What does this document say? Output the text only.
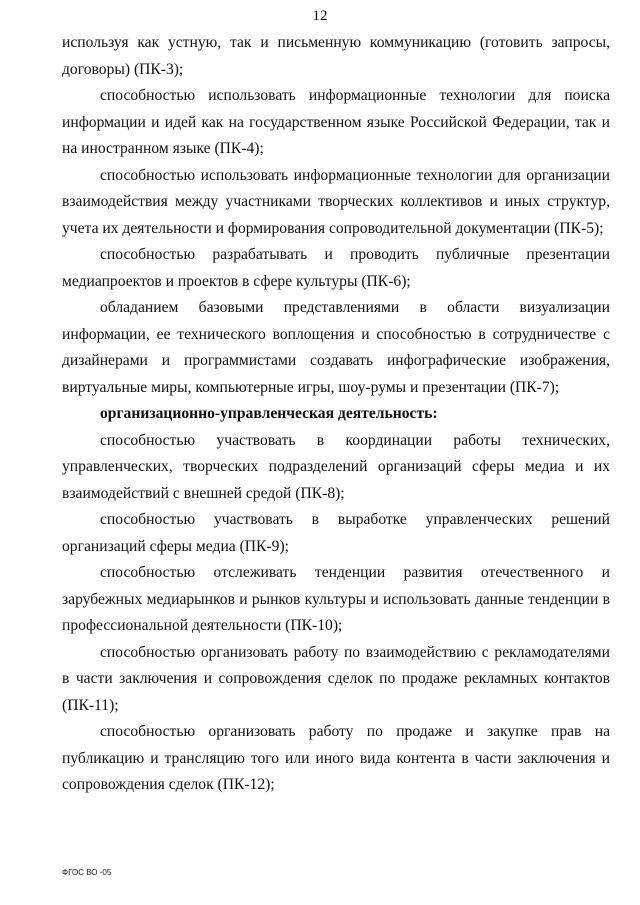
12

используя как устную, так и письменную коммуникацию (готовить запросы, договоры) (ПК-3);

способностью использовать информационные технологии для поиска информации и идей как на государственном языке Российской Федерации, так и на иностранном языке (ПК-4);

способностью использовать информационные технологии для организации взаимодействия между участниками творческих коллективов и иных структур, учета их деятельности и формирования сопроводительной документации (ПК-5);

способностью разрабатывать и проводить публичные презентации медиапроектов и проектов в сфере культуры (ПК-6);

обладанием базовыми представлениями в области визуализации информации, ее технического воплощения и способностью в сотрудничестве с дизайнерами и программистами создавать инфографические изображения, виртуальные миры, компьютерные игры, шоу-румы и презентации (ПК-7);

организационно-управленческая деятельность:

способностью участвовать в координации работы технических, управленческих, творческих подразделений организаций сферы медиа и их взаимодействий с внешней средой (ПК-8);

способностью участвовать в выработке управленческих решений организаций сферы медиа (ПК-9);

способностью отслеживать тенденции развития отечественного и зарубежных медиарынков и рынков культуры и использовать данные тенденции в профессиональной деятельности (ПК-10);

способностью организовать работу по взаимодействию с рекламодателями в части заключения и сопровождения сделок по продаже рекламных контактов (ПК-11);

способностью организовать работу по продаже и закупке прав на публикацию и трансляцию того или иного вида контента в части заключения и сопровождения сделок (ПК-12);

ФГОС ВО -05
